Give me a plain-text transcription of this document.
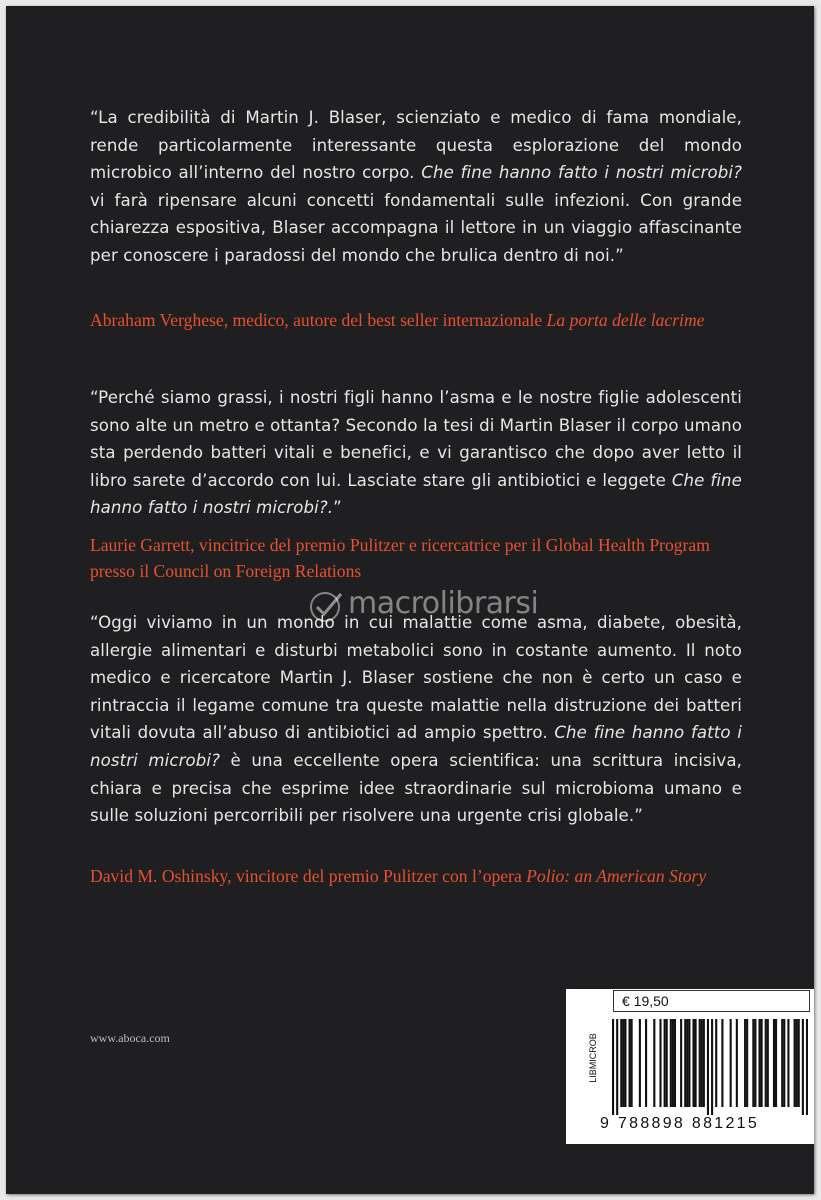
“La credibilità di Martin J. Blaser, scienziato e medico di fama mondiale, rende particolarmente interessante questa esplorazione del mondo microbico all’interno del nostro corpo. Che fine hanno fatto i nostri microbi? vi farà ripensare alcuni concetti fondamentali sulle infezioni. Con grande chiarezza espositiva, Blaser accompagna il lettore in un viaggio affascinante per conoscere i paradossi del mondo che brulica dentro di noi.”
Abraham Verghese, medico, autore del best seller internazionale La porta delle lacrime
“Perché siamo grassi, i nostri figli hanno l’asma e le nostre figlie adolescenti sono alte un metro e ottanta? Secondo la tesi di Martin Blaser il corpo umano sta perdendo batteri vitali e benefici, e vi garantisco che dopo aver letto il libro sarete d’accordo con lui. Lasciate stare gli antibiotici e leggete Che fine hanno fatto i nostri microbi?.”
Laurie Garrett, vincitrice del premio Pulitzer e ricercatrice per il Global Health Program presso il Council on Foreign Relations
“Oggi viviamo in un mondo in cui malattie come asma, diabete, obesità, allergie alimentari e disturbi metabolici sono in costante aumento. Il noto medico e ricercatore Martin J. Blaser sostiene che non è certo un caso e rintraccia il legame comune tra queste malattie nella distruzione dei batteri vitali dovuta all’abuso di antibiotici ad ampio spettro. Che fine hanno fatto i nostri microbi? è una eccellente opera scientifica: una scrittura incisiva, chiara e precisa che esprime idee straordinarie sul microbioma umano e sulle soluzioni percorribili per risolvere una urgente crisi globale.”
David M. Oshinsky, vincitore del premio Pulitzer con l’opera Polio: an American Story
macrolibrarsi
www.aboca.com
€ 19,50
LIBMICROB
9 788898 881215
